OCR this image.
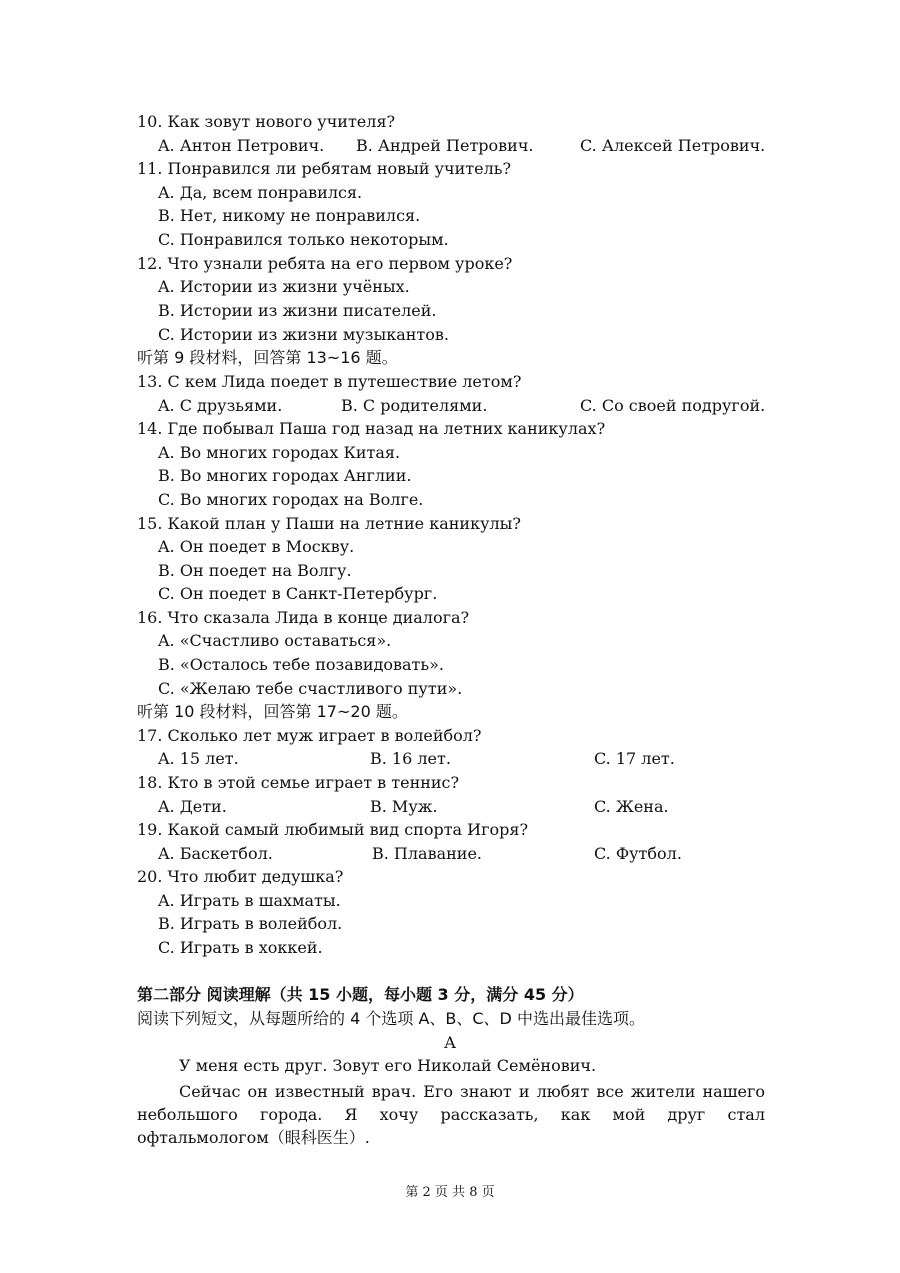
10. Как зовут нового учителя?
A. Антон Петрович. B. Андрей Петрович.	C. Алексей Петрович.
11. Понравился ли ребятам новый учитель?
A. Да, всем понравился.
B. Нет, никому не понравился.
C. Понравился только некоторым.
12. Что узнали ребята на его первом уроке?
A. Истории из жизни учёных.
B. Истории из жизни писателей.
C. Истории из жизни музыкантов.
听第 9 段材料，回答第 13~16 题。
13. С кем Лида поедет в путешествие летом?
A. С друзьями.	B. С родителями.	C. Со своей подругой.
14. Где побывал Паша год назад на летних каникулах?
A. Во многих городах Китая.
B. Во многих городах Англии.
C. Во многих городах на Волге.
15. Какой план у Паши на летние каникулы?
A. Он поедет в Москву.
B. Он поедет на Волгу.
C. Он поедет в Санкт-Петербург.
16. Что сказала Лида в конце диалога?
A. «Счастливо оставаться».
B. «Осталось тебе позавидовать».
C. «Желаю тебе счастливого пути».
听第 10 段材料，回答第 17~20 题。
17. Сколько лет муж играет в волейбол?
A. 15 лет.	B. 16 лет.	C. 17 лет.
18. Кто в этой семье играет в теннис?
A. Дети.	B. Муж.	C. Жена.
19. Какой самый любимый вид спорта Игоря?
A. Баскетбол.	B. Плавание.	C. Футбол.
20. Что любит дедушка?
A. Играть в шахматы.
B. Играть в волейбол.
C. Играть в хоккей.
第二部分 阅读理解（共 15 小题，每小题 3 分，满分 45 分）
阅读下列短文，从每题所给的 4 个选项 A、B、C、D 中选出最佳选项。
A
У меня есть друг. Зовут его Николай Семёнович.
Сейчас он известный врач. Его знают и любят все жители нашего небольшого города. Я хочу рассказать, как мой друг стал офтальмологом（眼科医生）.
第 2 页 共 8 页
